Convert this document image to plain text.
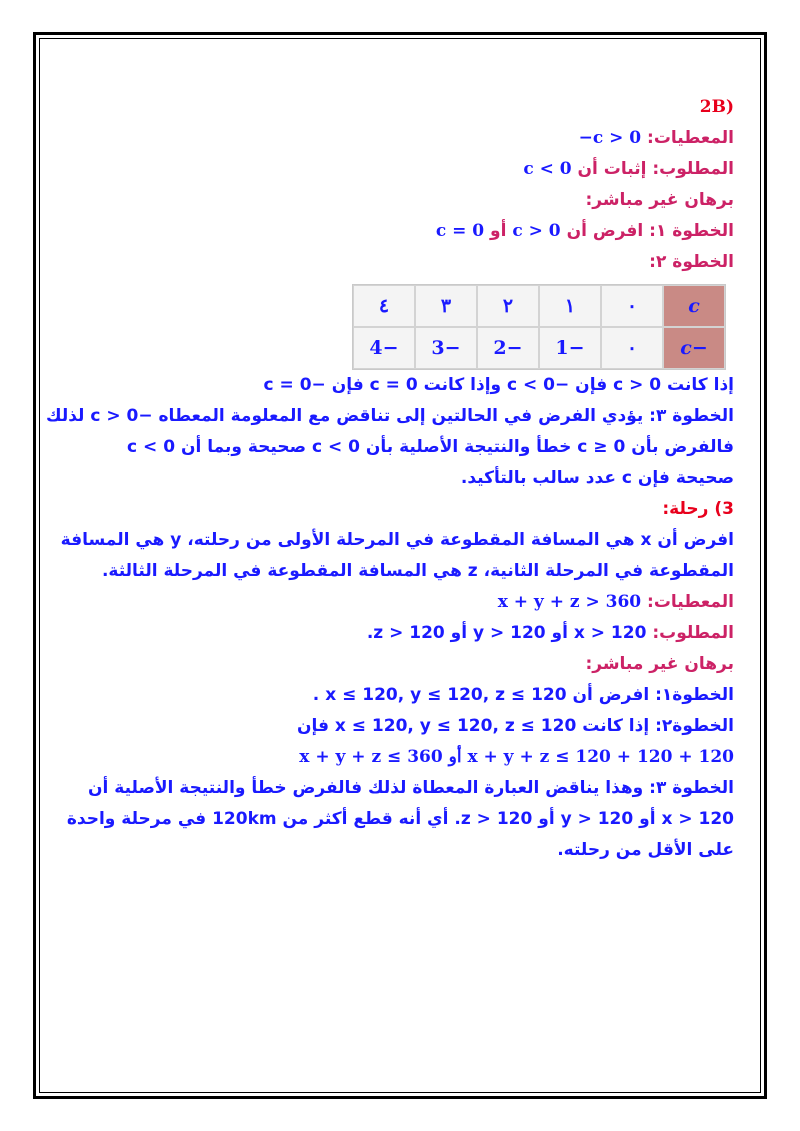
(2B
المعطيات: −c > 0
المطلوب: إثبات أن c < 0
برهان غير مباشر:
الخطوة ١: افرض أن c > 0 أو c = 0
الخطوة ٢:
c	٠	١	٢	٣	٤
−c	٠	−1	−2	−3	−4
إذا كانت c > 0 فإن −c < 0 وإذا كانت c = 0 فإن −c = 0
الخطوة ٣: يؤدي الفرض في الحالتين إلى تناقض مع المعلومة المعطاه −c > 0 لذلك
فالفرض بأن c ≥ 0 خطأ والنتيجة الأصلية بأن c < 0 صحيحة وبما أن c < 0
صحيحة فإن c عدد سالب بالتأكيد.
3) رحلة:
افرض أن x هي المسافة المقطوعة في المرحلة الأولى من رحلته، y هي المسافة
المقطوعة في المرحلة الثانية، z هي المسافة المقطوعة في المرحلة الثالثة.
المعطيات: x + y + z > 360
المطلوب: x > 120 أو y > 120 أو z > 120.
برهان غير مباشر:
الخطوة١: افرض أن x ≤ 120, y ≤ 120, z ≤ 120 .
الخطوة٢: إذا كانت x ≤ 120, y ≤ 120, z ≤ 120 فإن
x + y + z ≤ 120 + 120 + 120 أو x + y + z ≤ 360
الخطوة ٣: وهذا يناقض العبارة المعطاة لذلك فالفرض خطأ والنتيجة الأصلية أن
x > 120 أو y > 120 أو z > 120. أي أنه قطع أكثر من 120km في مرحلة واحدة
على الأقل من رحلته.
